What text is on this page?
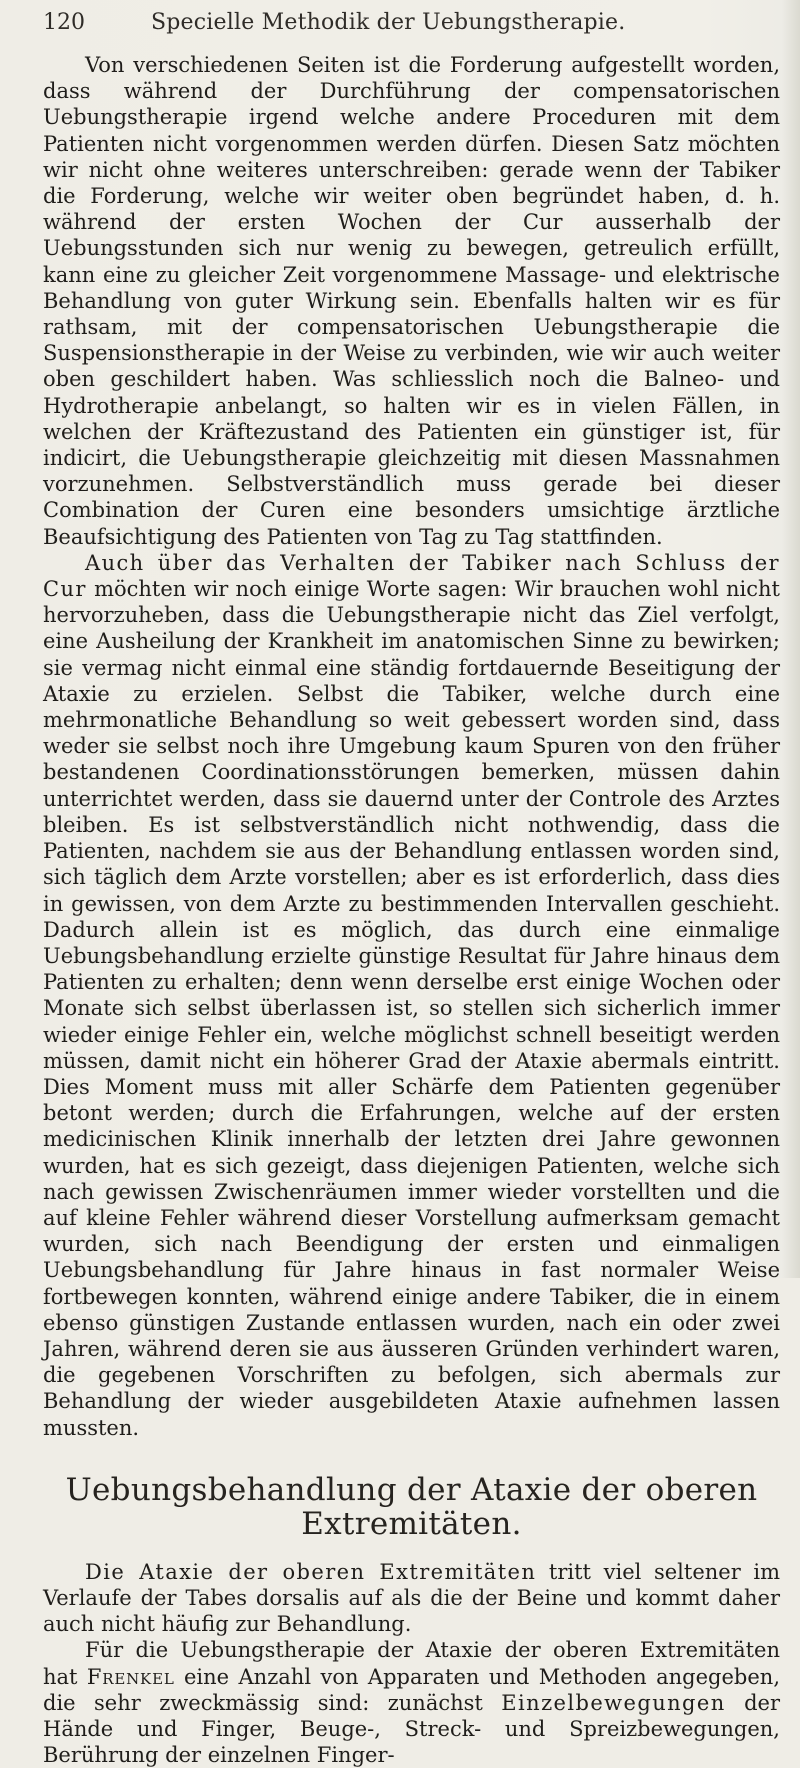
120	Specielle Methodik der Uebungstherapie.

Von verschiedenen Seiten ist die Forderung aufgestellt worden, dass während der Durchführung der compensatorischen Uebungstherapie irgend welche andere Proceduren mit dem Patienten nicht vorgenommen werden dürfen. Diesen Satz möchten wir nicht ohne weiteres unterschreiben: gerade wenn der Tabiker die Forderung, welche wir weiter oben begründet haben, d. h. während der ersten Wochen der Cur ausserhalb der Uebungsstunden sich nur wenig zu bewegen, getreulich erfüllt, kann eine zu gleicher Zeit vorgenommene Massage- und elektrische Behandlung von guter Wirkung sein. Ebenfalls halten wir es für rathsam, mit der compensatorischen Uebungstherapie die Suspensionstherapie in der Weise zu verbinden, wie wir auch weiter oben geschildert haben. Was schliesslich noch die Balneo- und Hydrotherapie anbelangt, so halten wir es in vielen Fällen, in welchen der Kräftezustand des Patienten ein günstiger ist, für indicirt, die Uebungstherapie gleichzeitig mit diesen Massnahmen vorzunehmen. Selbstverständlich muss gerade bei dieser Combination der Curen eine besonders umsichtige ärztliche Beaufsichtigung des Patienten von Tag zu Tag stattfinden.

Auch über das Verhalten der Tabiker nach Schluss der Cur möchten wir noch einige Worte sagen: Wir brauchen wohl nicht hervorzuheben, dass die Uebungstherapie nicht das Ziel verfolgt, eine Ausheilung der Krankheit im anatomischen Sinne zu bewirken; sie vermag nicht einmal eine ständig fortdauernde Beseitigung der Ataxie zu erzielen. Selbst die Tabiker, welche durch eine mehrmonatliche Behandlung so weit gebessert worden sind, dass weder sie selbst noch ihre Umgebung kaum Spuren von den früher bestandenen Coordinationsstörungen bemerken, müssen dahin unterrichtet werden, dass sie dauernd unter der Controle des Arztes bleiben. Es ist selbstverständlich nicht nothwendig, dass die Patienten, nachdem sie aus der Behandlung entlassen worden sind, sich täglich dem Arzte vorstellen; aber es ist erforderlich, dass dies in gewissen, von dem Arzte zu bestimmenden Intervallen geschieht. Dadurch allein ist es möglich, das durch eine einmalige Uebungsbehandlung erzielte günstige Resultat für Jahre hinaus dem Patienten zu erhalten; denn wenn derselbe erst einige Wochen oder Monate sich selbst überlassen ist, so stellen sich sicherlich immer wieder einige Fehler ein, welche möglichst schnell beseitigt werden müssen, damit nicht ein höherer Grad der Ataxie abermals eintritt. Dies Moment muss mit aller Schärfe dem Patienten gegenüber betont werden; durch die Erfahrungen, welche auf der ersten medicinischen Klinik innerhalb der letzten drei Jahre gewonnen wurden, hat es sich gezeigt, dass diejenigen Patienten, welche sich nach gewissen Zwischenräumen immer wieder vorstellten und die auf kleine Fehler während dieser Vorstellung aufmerksam gemacht wurden, sich nach Beendigung der ersten und einmaligen Uebungsbehandlung für Jahre hinaus in fast normaler Weise fortbewegen konnten, während einige andere Tabiker, die in einem ebenso günstigen Zustande entlassen wurden, nach ein oder zwei Jahren, während deren sie aus äusseren Gründen verhindert waren, die gegebenen Vorschriften zu befolgen, sich abermals zur Behandlung der wieder ausgebildeten Ataxie aufnehmen lassen mussten.

Uebungsbehandlung der Ataxie der oberen Extremitäten.

Die Ataxie der oberen Extremitäten tritt viel seltener im Verlaufe der Tabes dorsalis auf als die der Beine und kommt daher auch nicht häufig zur Behandlung.

Für die Uebungstherapie der Ataxie der oberen Extremitäten hat Frenkel eine Anzahl von Apparaten und Methoden angegeben, die sehr zweckmässig sind: zunächst Einzelbewegungen der Hände und Finger, Beuge-, Streck- und Spreizbewegungen, Berührung der einzelnen Finger-
